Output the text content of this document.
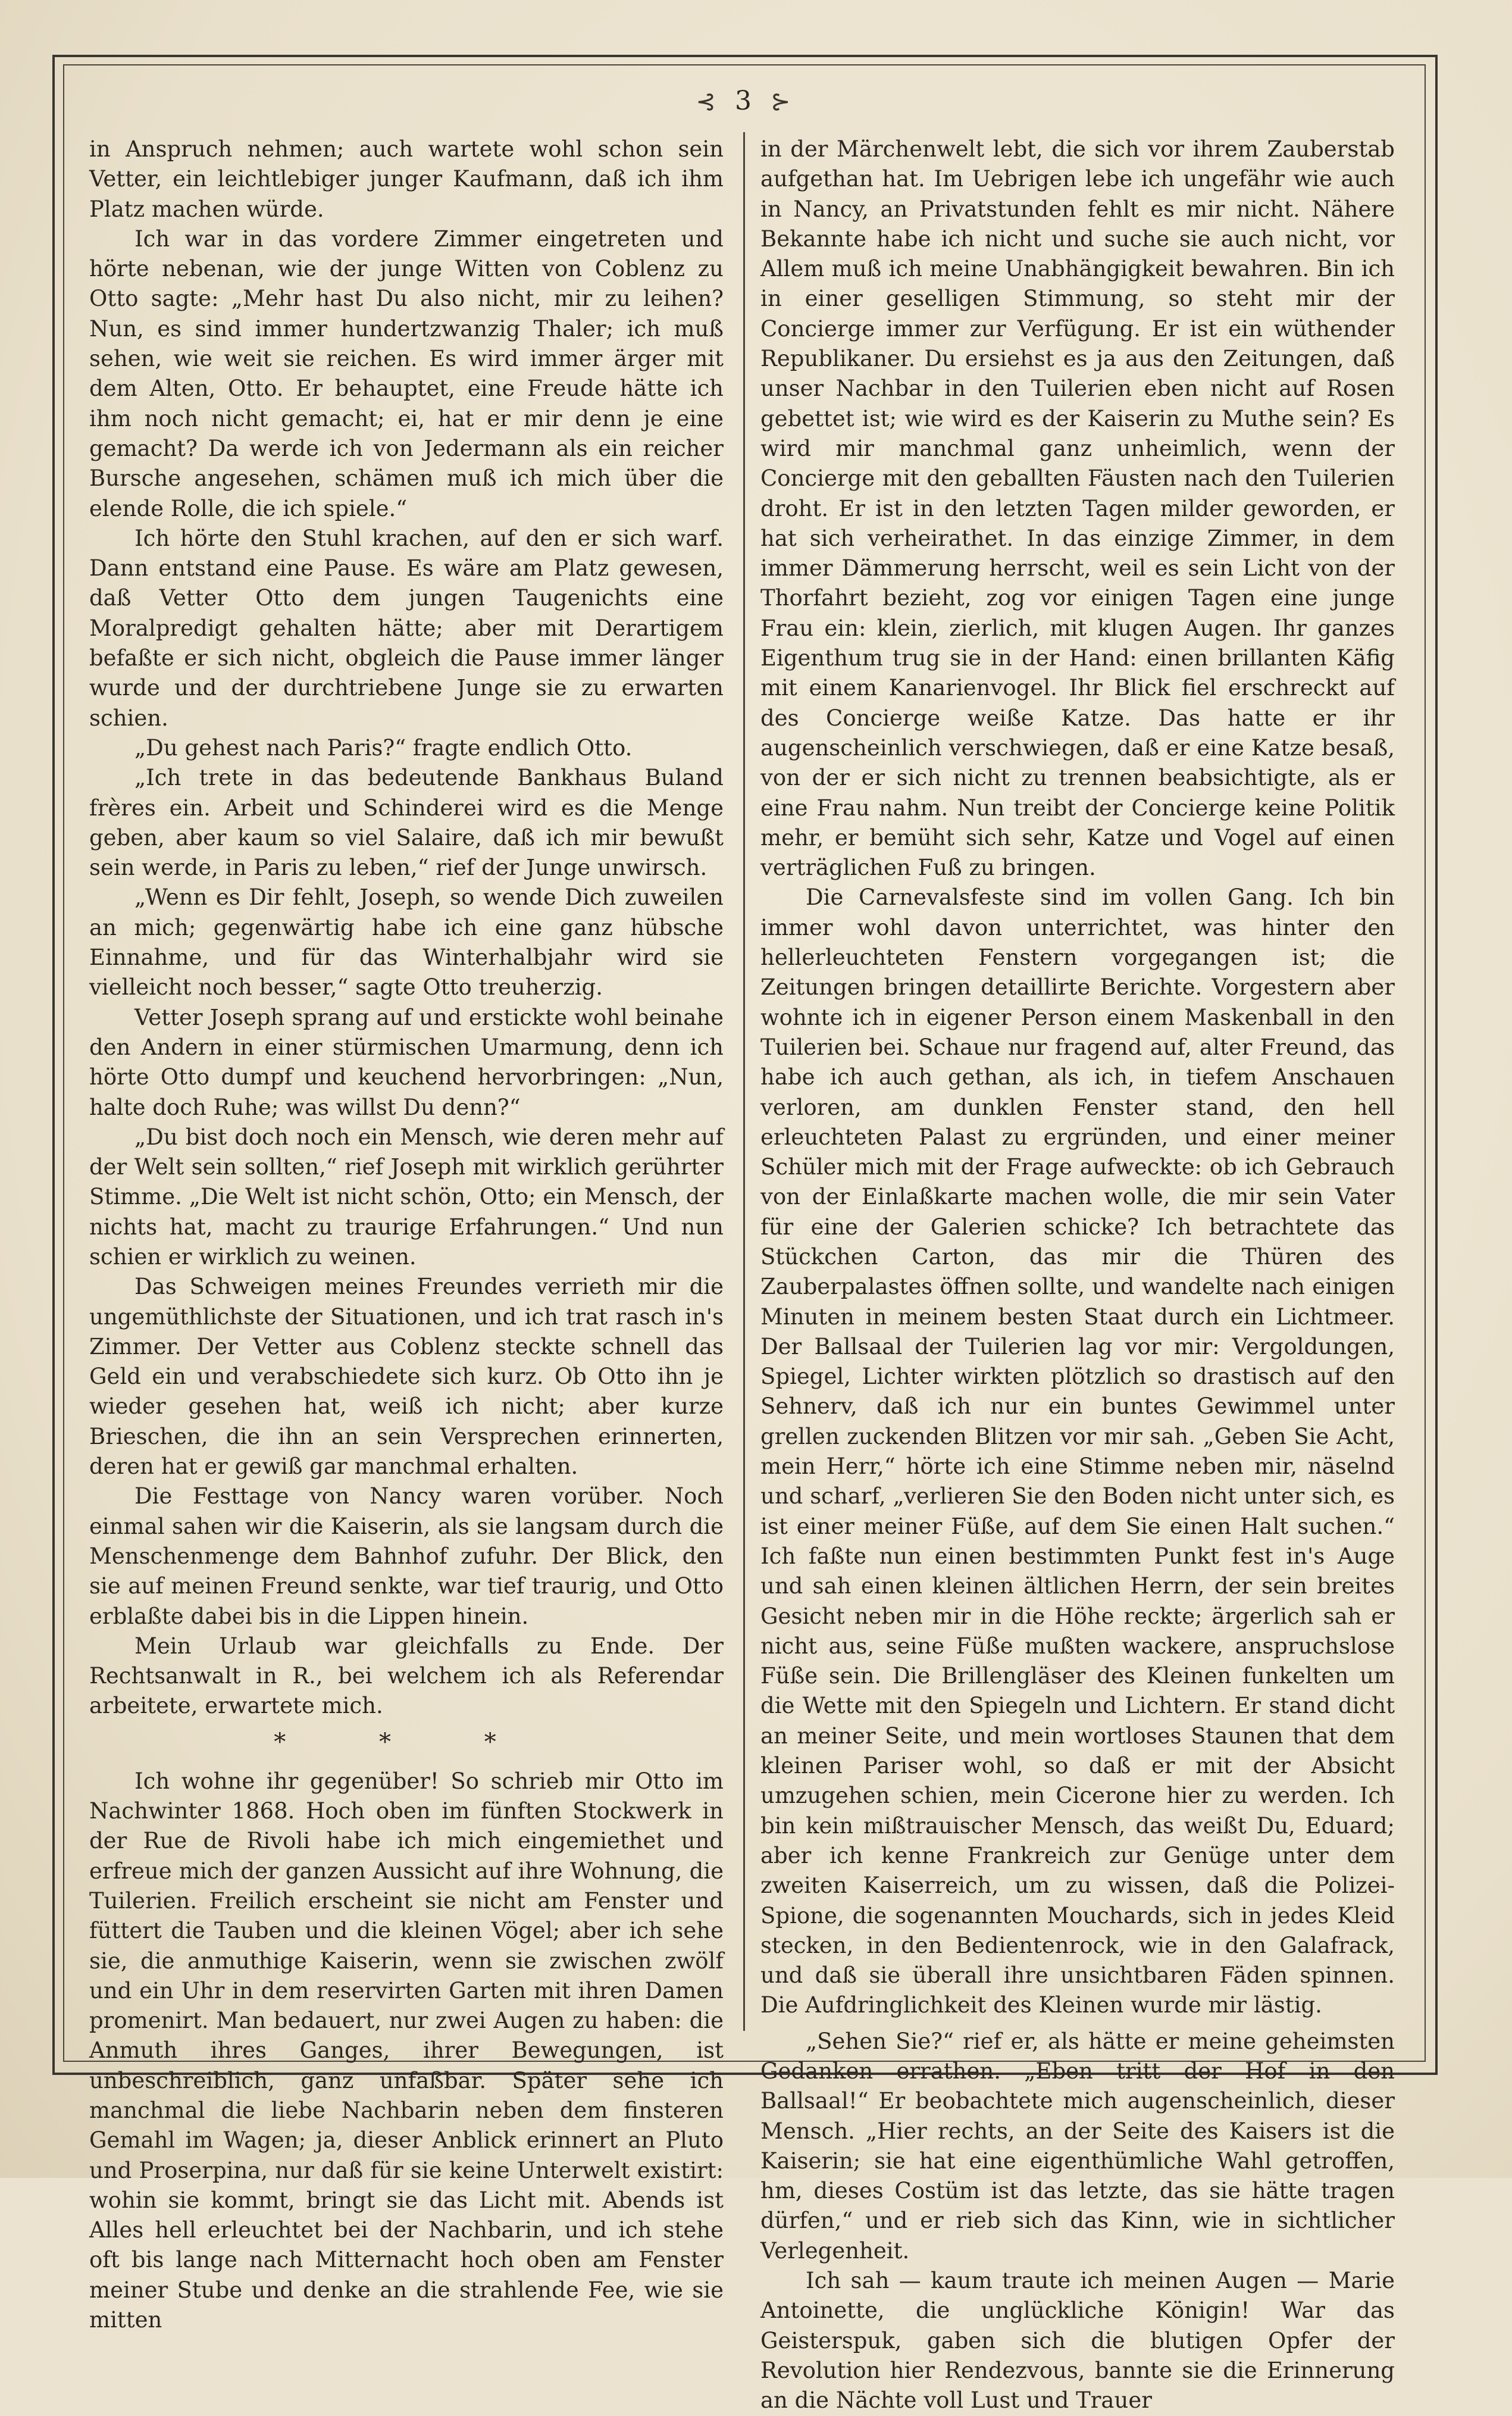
⊰ 3 ⊱

in Anspruch nehmen; auch wartete wohl schon sein Vetter, ein leichtlebiger junger Kaufmann, daß ich ihm Platz machen würde.

Ich war in das vordere Zimmer eingetreten und hörte nebenan, wie der junge Witten von Coblenz zu Otto sagte: „Mehr hast Du also nicht, mir zu leihen? Nun, es sind immer hundertzwanzig Thaler; ich muß sehen, wie weit sie reichen. Es wird immer ärger mit dem Alten, Otto. Er behauptet, eine Freude hätte ich ihm noch nicht gemacht; ei, hat er mir denn je eine gemacht? Da werde ich von Jedermann als ein reicher Bursche angesehen, schämen muß ich mich über die elende Rolle, die ich spiele.“

Ich hörte den Stuhl krachen, auf den er sich warf. Dann entstand eine Pause. Es wäre am Platz gewesen, daß Vetter Otto dem jungen Taugenichts eine Moralpredigt gehalten hätte; aber mit Derartigem befaßte er sich nicht, obgleich die Pause immer länger wurde und der durchtriebene Junge sie zu erwarten schien.

„Du gehest nach Paris?“ fragte endlich Otto.

„Ich trete in das bedeutende Bankhaus Buland frères ein. Arbeit und Schinderei wird es die Menge geben, aber kaum so viel Salaire, daß ich mir bewußt sein werde, in Paris zu leben,“ rief der Junge unwirsch.

„Wenn es Dir fehlt, Joseph, so wende Dich zuweilen an mich; gegenwärtig habe ich eine ganz hübsche Einnahme, und für das Winterhalbjahr wird sie vielleicht noch besser,“ sagte Otto treuherzig.

Vetter Joseph sprang auf und erstickte wohl beinahe den Andern in einer stürmischen Umarmung, denn ich hörte Otto dumpf und keuchend hervorbringen: „Nun, halte doch Ruhe; was willst Du denn?“

„Du bist doch noch ein Mensch, wie deren mehr auf der Welt sein sollten,“ rief Joseph mit wirklich gerührter Stimme. „Die Welt ist nicht schön, Otto; ein Mensch, der nichts hat, macht zu traurige Erfahrungen.“ Und nun schien er wirklich zu weinen.

Das Schweigen meines Freundes verrieth mir die ungemüthlichste der Situationen, und ich trat rasch in's Zimmer. Der Vetter aus Coblenz steckte schnell das Geld ein und verabschiedete sich kurz. Ob Otto ihn je wieder gesehen hat, weiß ich nicht; aber kurze Brieschen, die ihn an sein Versprechen erinnerten, deren hat er gewiß gar manchmal erhalten.

Die Festtage von Nancy waren vorüber. Noch einmal sahen wir die Kaiserin, als sie langsam durch die Menschenmenge dem Bahnhof zufuhr. Der Blick, den sie auf meinen Freund senkte, war tief traurig, und Otto erblaßte dabei bis in die Lippen hinein.

Mein Urlaub war gleichfalls zu Ende. Der Rechtsanwalt in R., bei welchem ich als Referendar arbeitete, erwartete mich.

* * *

Ich wohne ihr gegenüber! So schrieb mir Otto im Nachwinter 1868. Hoch oben im fünften Stockwerk in der Rue de Rivoli habe ich mich eingemiethet und erfreue mich der ganzen Aussicht auf ihre Wohnung, die Tuilerien. Freilich erscheint sie nicht am Fenster und füttert die Tauben und die kleinen Vögel; aber ich sehe sie, die anmuthige Kaiserin, wenn sie zwischen zwölf und ein Uhr in dem reservirten Garten mit ihren Damen promenirt. Man bedauert, nur zwei Augen zu haben: die Anmuth ihres Ganges, ihrer Bewegungen, ist unbeschreiblich, ganz unfaßbar. Später sehe ich manchmal die liebe Nachbarin neben dem finsteren Gemahl im Wagen; ja, dieser Anblick erinnert an Pluto und Proserpina, nur daß für sie keine Unterwelt existirt: wohin sie kommt, bringt sie das Licht mit. Abends ist Alles hell erleuchtet bei der Nachbarin, und ich stehe oft bis lange nach Mitternacht hoch oben am Fenster meiner Stube und denke an die strahlende Fee, wie sie mitten

in der Märchenwelt lebt, die sich vor ihrem Zauberstab aufgethan hat. Im Uebrigen lebe ich ungefähr wie auch in Nancy, an Privatstunden fehlt es mir nicht. Nähere Bekannte habe ich nicht und suche sie auch nicht, vor Allem muß ich meine Unabhängigkeit bewahren. Bin ich in einer geselligen Stimmung, so steht mir der Concierge immer zur Verfügung. Er ist ein wüthender Republikaner. Du ersiehst es ja aus den Zeitungen, daß unser Nachbar in den Tuilerien eben nicht auf Rosen gebettet ist; wie wird es der Kaiserin zu Muthe sein? Es wird mir manchmal ganz unheimlich, wenn der Concierge mit den geballten Fäusten nach den Tuilerien droht. Er ist in den letzten Tagen milder geworden, er hat sich verheirathet. In das einzige Zimmer, in dem immer Dämmerung herrscht, weil es sein Licht von der Thorfahrt bezieht, zog vor einigen Tagen eine junge Frau ein: klein, zierlich, mit klugen Augen. Ihr ganzes Eigenthum trug sie in der Hand: einen brillanten Käfig mit einem Kanarienvogel. Ihr Blick fiel erschreckt auf des Concierge weiße Katze. Das hatte er ihr augenscheinlich verschwiegen, daß er eine Katze besaß, von der er sich nicht zu trennen beabsichtigte, als er eine Frau nahm. Nun treibt der Concierge keine Politik mehr, er bemüht sich sehr, Katze und Vogel auf einen verträglichen Fuß zu bringen.

Die Carnevalsfeste sind im vollen Gang. Ich bin immer wohl davon unterrichtet, was hinter den hellerleuchteten Fenstern vorgegangen ist; die Zeitungen bringen detaillirte Berichte. Vorgestern aber wohnte ich in eigener Person einem Maskenball in den Tuilerien bei. Schaue nur fragend auf, alter Freund, das habe ich auch gethan, als ich, in tiefem Anschauen verloren, am dunklen Fenster stand, den hell erleuchteten Palast zu ergründen, und einer meiner Schüler mich mit der Frage aufweckte: ob ich Gebrauch von der Einlaßkarte machen wolle, die mir sein Vater für eine der Galerien schicke? Ich betrachtete das Stückchen Carton, das mir die Thüren des Zauberpalastes öffnen sollte, und wandelte nach einigen Minuten in meinem besten Staat durch ein Lichtmeer. Der Ballsaal der Tuilerien lag vor mir: Vergoldungen, Spiegel, Lichter wirkten plötzlich so drastisch auf den Sehnerv, daß ich nur ein buntes Gewimmel unter grellen zuckenden Blitzen vor mir sah. „Geben Sie Acht, mein Herr,“ hörte ich eine Stimme neben mir, näselnd und scharf, „verlieren Sie den Boden nicht unter sich, es ist einer meiner Füße, auf dem Sie einen Halt suchen.“ Ich faßte nun einen bestimmten Punkt fest in's Auge und sah einen kleinen ältlichen Herrn, der sein breites Gesicht neben mir in die Höhe reckte; ärgerlich sah er nicht aus, seine Füße mußten wackere, anspruchslose Füße sein. Die Brillengläser des Kleinen funkelten um die Wette mit den Spiegeln und Lichtern. Er stand dicht an meiner Seite, und mein wortloses Staunen that dem kleinen Pariser wohl, so daß er mit der Absicht umzugehen schien, mein Cicerone hier zu werden. Ich bin kein mißtrauischer Mensch, das weißt Du, Eduard; aber ich kenne Frankreich zur Genüge unter dem zweiten Kaiserreich, um zu wissen, daß die Polizei-Spione, die sogenannten Mouchards, sich in jedes Kleid stecken, in den Bedientenrock, wie in den Galafrack, und daß sie überall ihre unsichtbaren Fäden spinnen. Die Aufdringlichkeit des Kleinen wurde mir lästig.

„Sehen Sie?“ rief er, als hätte er meine geheimsten Gedanken errathen. „Eben tritt der Hof in den Ballsaal!“ Er beobachtete mich augenscheinlich, dieser Mensch. „Hier rechts, an der Seite des Kaisers ist die Kaiserin; sie hat eine eigenthümliche Wahl getroffen, hm, dieses Costüm ist das letzte, das sie hätte tragen dürfen,“ und er rieb sich das Kinn, wie in sichtlicher Verlegenheit.

Ich sah — kaum traute ich meinen Augen — Marie Antoinette, die unglückliche Königin! War das Geisterspuk, gaben sich die blutigen Opfer der Revolution hier Rendezvous, bannte sie die Erinnerung an die Nächte voll Lust und Trauer
